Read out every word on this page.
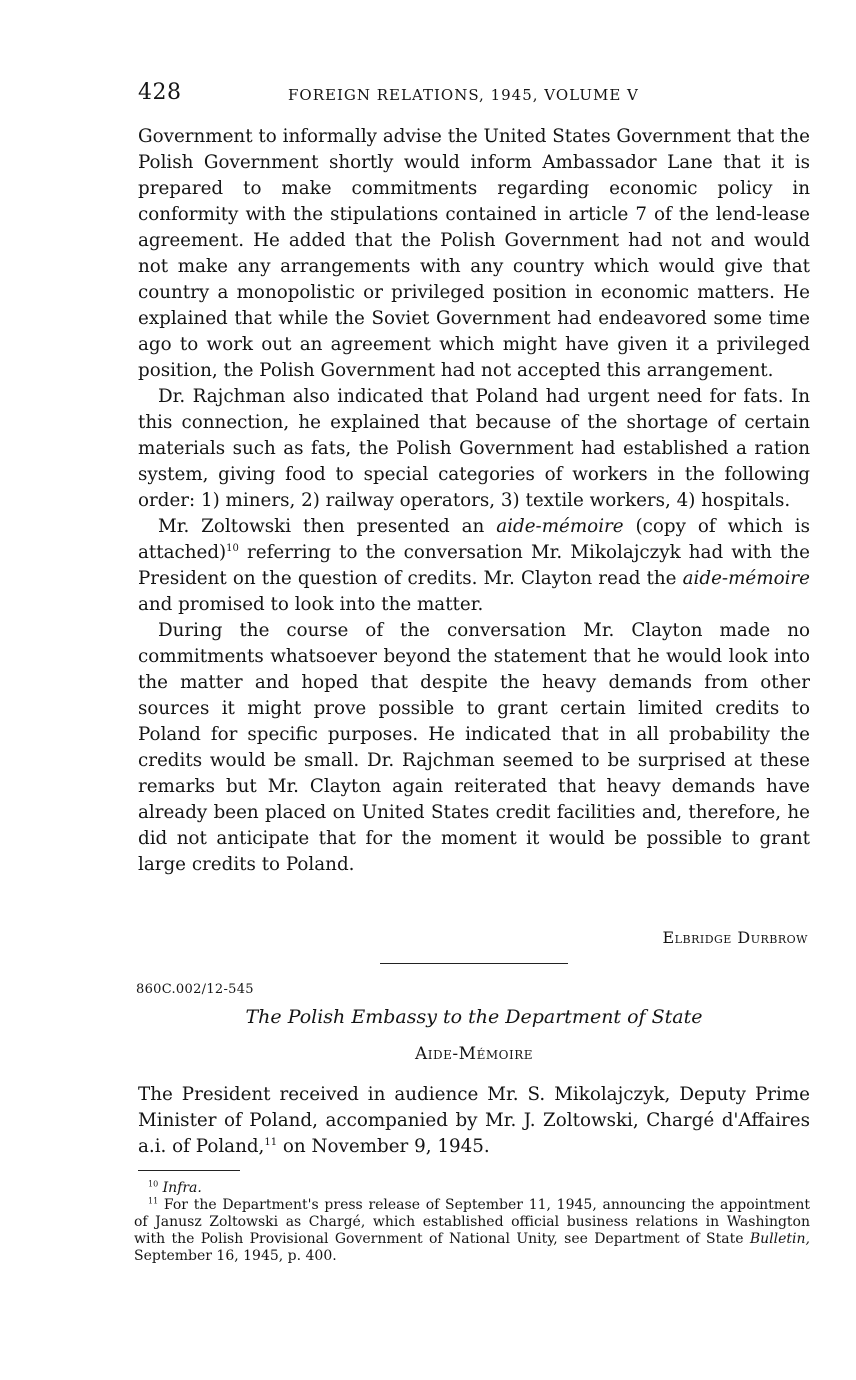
428	FOREIGN RELATIONS, 1945, VOLUME V

Government to informally advise the United States Government that the Polish Government shortly would inform Ambassador Lane that it is prepared to make commitments regarding economic policy in conformity with the stipulations contained in article 7 of the lend-lease agreement. He added that the Polish Government had not and would not make any arrangements with any country which would give that country a monopolistic or privileged position in economic matters. He explained that while the Soviet Government had endeavored some time ago to work out an agreement which might have given it a privileged position, the Polish Government had not accepted this arrangement.

Dr. Rajchman also indicated that Poland had urgent need for fats. In this connection, he explained that because of the shortage of certain materials such as fats, the Polish Government had established a ration system, giving food to special categories of workers in the following order: 1) miners, 2) railway operators, 3) textile workers, 4) hospitals.

Mr. Zoltowski then presented an aide-mémoire (copy of which is attached)$^{10}$ referring to the conversation Mr. Mikolajczyk had with the President on the question of credits. Mr. Clayton read the aide-mémoire and promised to look into the matter.

During the course of the conversation Mr. Clayton made no commitments whatsoever beyond the statement that he would look into the matter and hoped that despite the heavy demands from other sources it might prove possible to grant certain limited credits to Poland for specific purposes. He indicated that in all probability the credits would be small. Dr. Rajchman seemed to be surprised at these remarks but Mr. Clayton again reiterated that heavy demands have already been placed on United States credit facilities and, therefore, he did not anticipate that for the moment it would be possible to grant large credits to Poland.

Elbridge Durbrow
860C.002/12-545
The Polish Embassy to the Department of State
Aide-Mémoire

The President received in audience Mr. S. Mikolajczyk, Deputy Prime Minister of Poland, accompanied by Mr. J. Zoltowski, Chargé d'Affaires a.i. of Poland,$^{11}$ on November 9, 1945.

$^{10}$ Infra.

$^{11}$ For the Department's press release of September 11, 1945, announcing the appointment of Janusz Zoltowski as Chargé, which established official business relations in Washington with the Polish Provisional Government of National Unity, see Department of State Bulletin, September 16, 1945, p. 400.
